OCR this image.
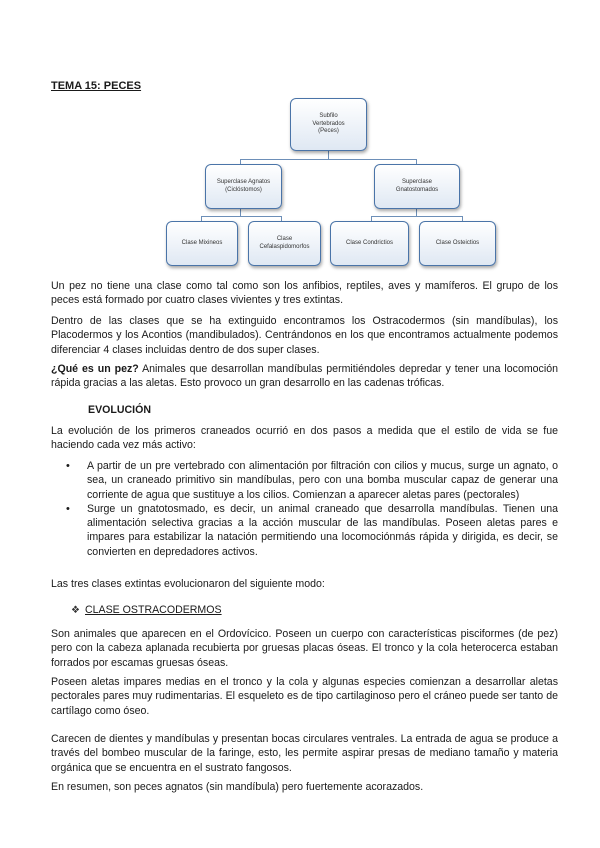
TEMA 15: PECES
Subfilo
Vertebrados
(Peces)
Superclase Agnatos
(Ciclóstomos)
Superclase
Gnatostomados
Clase Mixineos
Clase
Cefalaspidomorfos
Clase Condrictios	Clase Osteictios

Un pez no tiene una clase como tal como son los anfibios, reptiles, aves y mamíferos. El grupo de los peces está formado por cuatro clases vivientes y tres extintas.

Dentro de las clases que se ha extinguido encontramos los Ostracodermos (sin mandíbulas), los Placodermos y los Acontios (mandibulados). Centrándonos en los que encontramos actualmente podemos diferenciar 4 clases incluidas dentro de dos super clases.

¿Qué es un pez? Animales que desarrollan mandíbulas permitiéndoles depredar y tener una locomoción rápida gracias a las aletas. Esto provoco un gran desarrollo en las cadenas tróficas.

EVOLUCIÓN

La evolución de los primeros craneados ocurrió en dos pasos a medida que el estilo de vida se fue haciendo cada vez más activo:

• A partir de un pre vertebrado con alimentación por filtración con cilios y mucus, surge un agnato, o sea, un craneado primitivo sin mandíbulas, pero con una bomba muscular capaz de generar una corriente de agua que sustituye a los cilios. Comienzan a aparecer aletas pares (pectorales)
• Surge un gnatotosmado, es decir, un animal craneado que desarrolla mandíbulas. Tienen una alimentación selectiva gracias a la acción muscular de las mandíbulas. Poseen aletas pares e impares para estabilizar la natación permitiendo una locomociónmás rápida y dirigida, es decir, se convierten en depredadores activos.

Las tres clases extintas evolucionaron del siguiente modo:

❖ CLASE OSTRACODERMOS

Son animales que aparecen en el Ordovícico. Poseen un cuerpo con características pisciformes (de pez) pero con la cabeza aplanada recubierta por gruesas placas óseas. El tronco y la cola heterocerca estaban forrados por escamas gruesas óseas.

Poseen aletas impares medias en el tronco y la cola y algunas especies comienzan a desarrollar aletas pectorales pares muy rudimentarias. El esqueleto es de tipo cartilaginoso pero el cráneo puede ser tanto de cartílago como óseo.

Carecen de dientes y mandíbulas y presentan bocas circulares ventrales. La entrada de agua se produce a través del bombeo muscular de la faringe, esto, les permite aspirar presas de mediano tamaño y materia orgánica que se encuentra en el sustrato fangosos.

En resumen, son peces agnatos (sin mandíbula) pero fuertemente acorazados.
